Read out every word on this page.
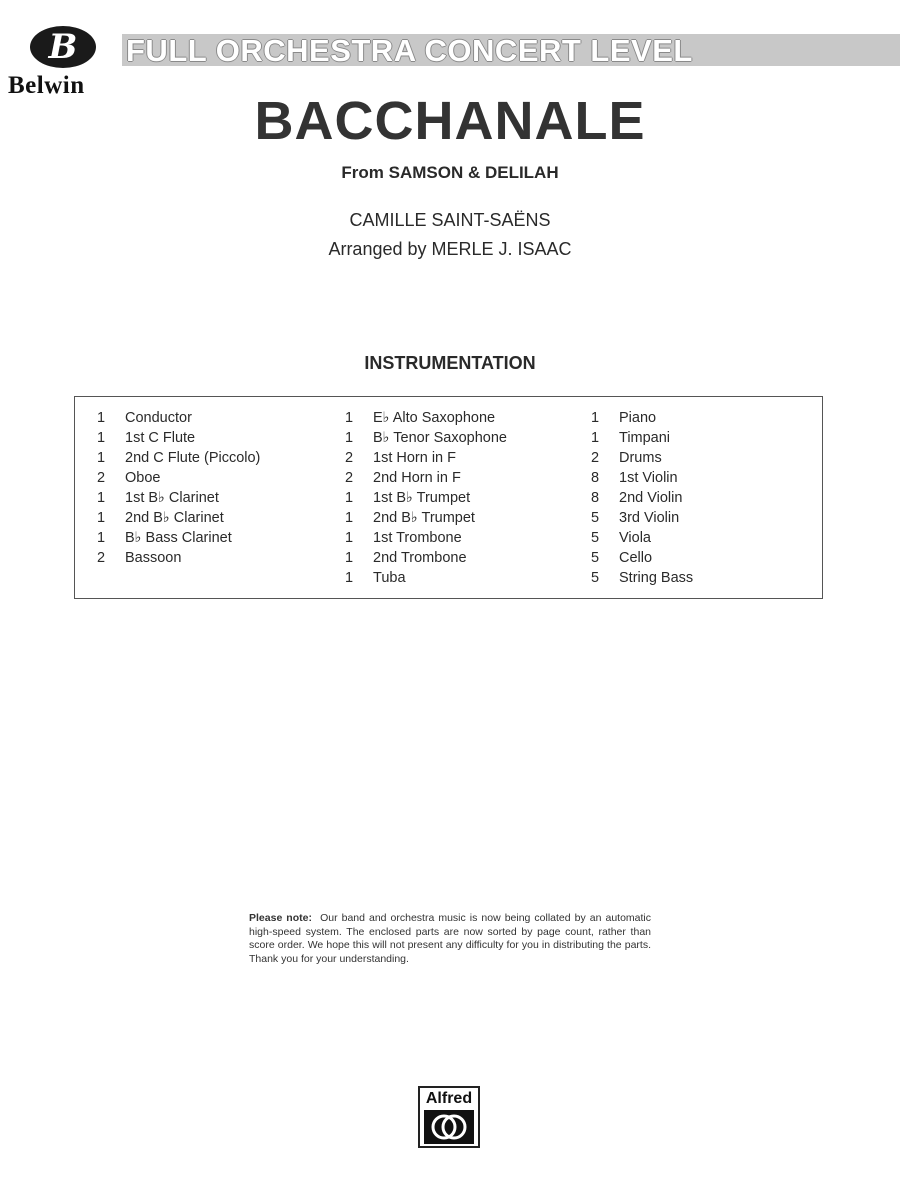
B
Belwin
FULL ORCHESTRA CONCERT LEVEL
BACCHANALE
From SAMSON & DELILAH
CAMILLE SAINT-SAËNS
Arranged by MERLE J. ISAAC
INSTRUMENTATION
1 Conductor
1 1st C Flute
1 2nd C Flute (Piccolo)
2 Oboe
1 1st B♭ Clarinet
1 2nd B♭ Clarinet
1 B♭ Bass Clarinet
2 Bassoon
1 E♭ Alto Saxophone
1 B♭ Tenor Saxophone
2 1st Horn in F
2 2nd Horn in F
1 1st B♭ Trumpet
1 2nd B♭ Trumpet
1 1st Trombone
1 2nd Trombone
1 Tuba
1 Piano
1 Timpani
2 Drums
8 1st Violin
8 2nd Violin
5 3rd Violin
5 Viola
5 Cello
5 String Bass
Please note: Our band and orchestra music is now being collated by an automatic high-speed system. The enclosed parts are now sorted by page count, rather than score order. We hope this will not present any difficulty for you in distributing the parts. Thank you for your understanding.
Alfred
